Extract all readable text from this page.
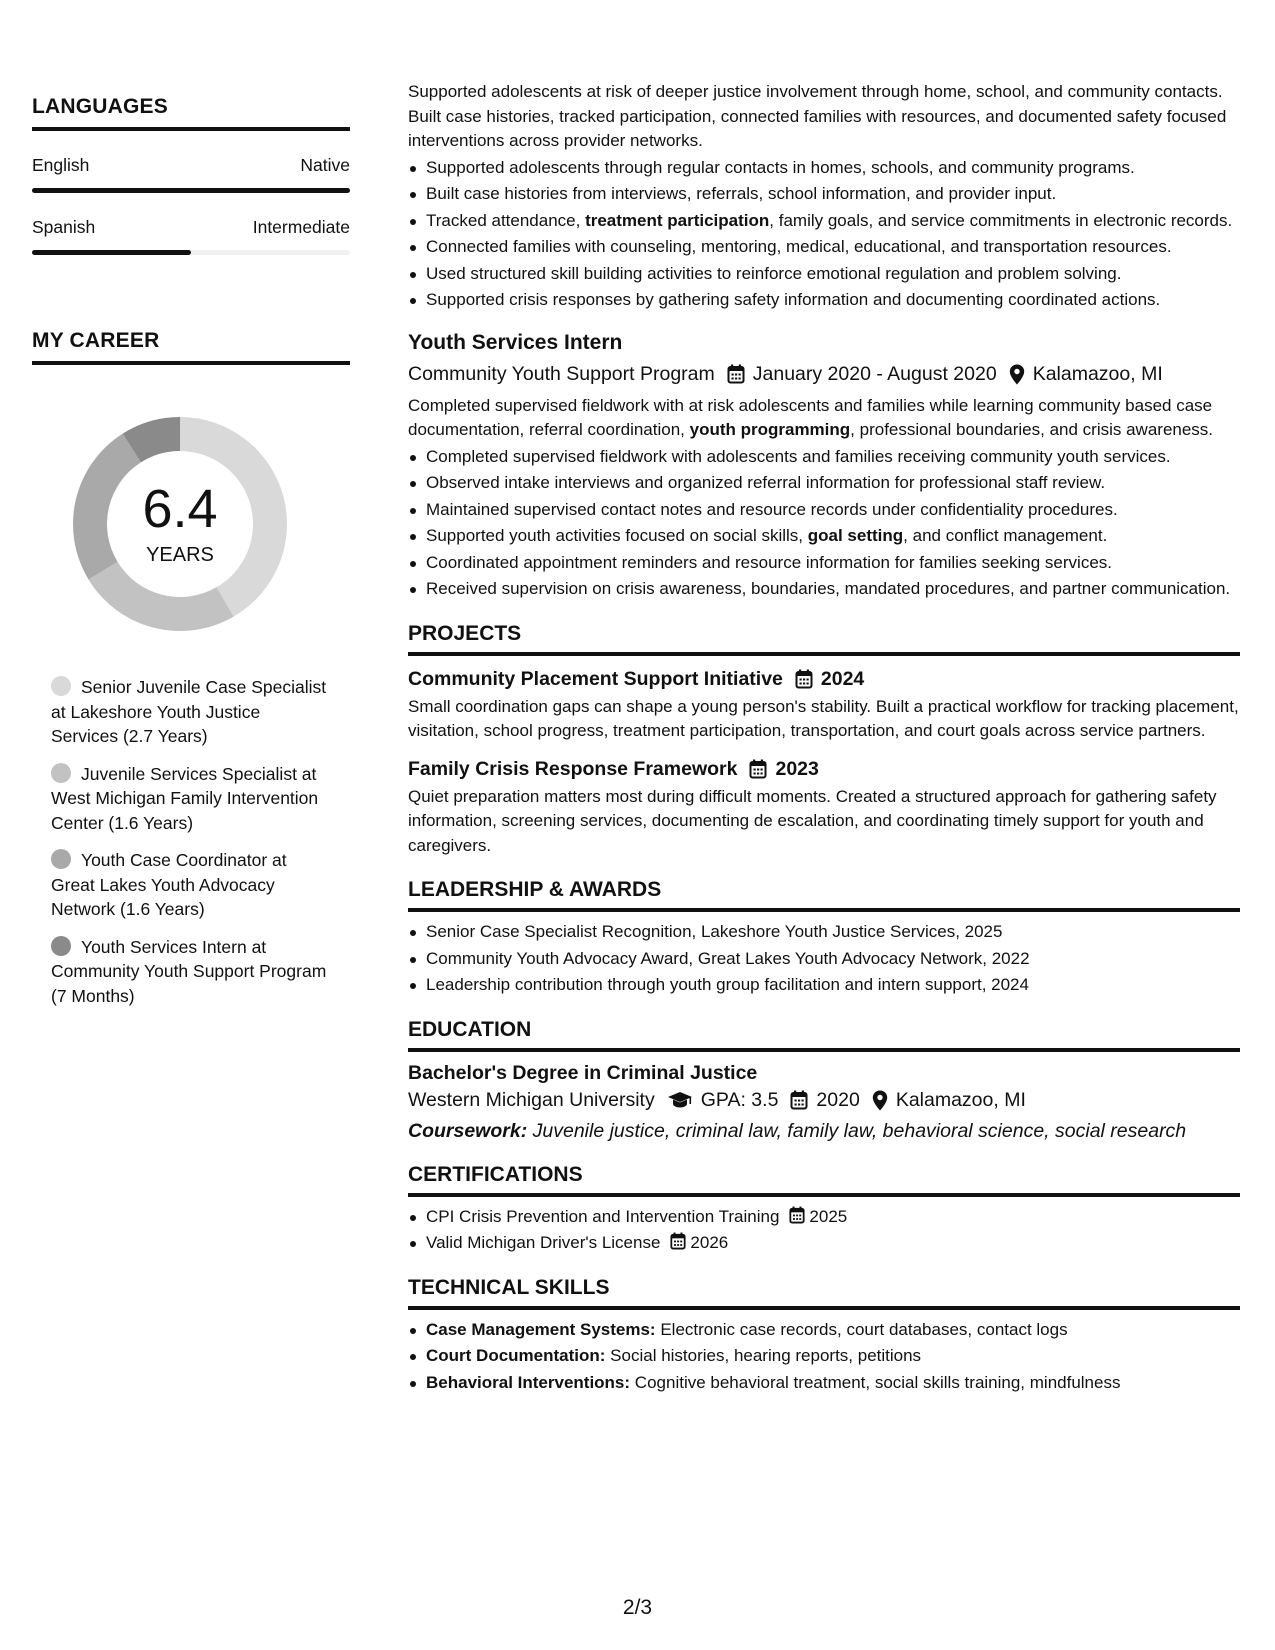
LANGUAGES
English	Native
Spanish	Intermediate
MY CAREER
6.4
YEARS
Senior Juvenile Case Specialist at Lakeshore Youth Justice Services (2.7 Years)
Juvenile Services Specialist at West Michigan Family Intervention Center (1.6 Years)
Youth Case Coordinator at Great Lakes Youth Advocacy Network (1.6 Years)
Youth Services Intern at Community Youth Support Program (7 Months)
Supported adolescents at risk of deeper justice involvement through home, school, and community contacts. Built case histories, tracked participation, connected families with resources, and documented safety focused interventions across provider networks.
Supported adolescents through regular contacts in homes, schools, and community programs.
Built case histories from interviews, referrals, school information, and provider input.
Tracked attendance, treatment participation, family goals, and service commitments in electronic records.
Connected families with counseling, mentoring, medical, educational, and transportation resources.
Used structured skill building activities to reinforce emotional regulation and problem solving.
Supported crisis responses by gathering safety information and documenting coordinated actions.
Youth Services Intern
Community Youth Support Program January 2020 - August 2020 Kalamazoo, MI
Completed supervised fieldwork with at risk adolescents and families while learning community based case documentation, referral coordination, youth programming, professional boundaries, and crisis awareness.
Completed supervised fieldwork with adolescents and families receiving community youth services.
Observed intake interviews and organized referral information for professional staff review.
Maintained supervised contact notes and resource records under confidentiality procedures.
Supported youth activities focused on social skills, goal setting, and conflict management.
Coordinated appointment reminders and resource information for families seeking services.
Received supervision on crisis awareness, boundaries, mandated procedures, and partner communication.
PROJECTS
Community Placement Support Initiative 2024
Small coordination gaps can shape a young person's stability. Built a practical workflow for tracking placement, visitation, school progress, treatment participation, transportation, and court goals across service partners.
Family Crisis Response Framework 2023
Quiet preparation matters most during difficult moments. Created a structured approach for gathering safety information, screening services, documenting de escalation, and coordinating timely support for youth and caregivers.
LEADERSHIP & AWARDS
Senior Case Specialist Recognition, Lakeshore Youth Justice Services, 2025
Community Youth Advocacy Award, Great Lakes Youth Advocacy Network, 2022
Leadership contribution through youth group facilitation and intern support, 2024
EDUCATION
Bachelor's Degree in Criminal Justice
Western Michigan University GPA: 3.5 2020 Kalamazoo, MI
Coursework: Juvenile justice, criminal law, family law, behavioral science, social research
CERTIFICATIONS
CPI Crisis Prevention and Intervention Training 2025
Valid Michigan Driver's License 2026
TECHNICAL SKILLS
Case Management Systems: Electronic case records, court databases, contact logs
Court Documentation: Social histories, hearing reports, petitions
Behavioral Interventions: Cognitive behavioral treatment, social skills training, mindfulness
2/3
